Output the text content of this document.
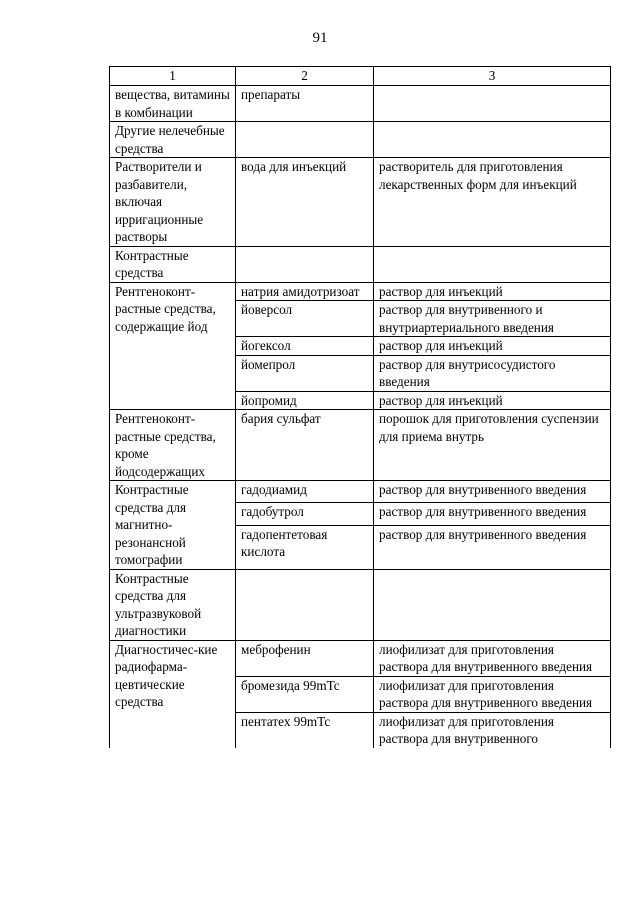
91
1	2	3
вещества, витамины в комбинации	препараты	
Другие нелечебные средства		
Растворители и разбавители, включая ирригационные растворы	вода для инъекций	растворитель для приготовления лекарственных форм для инъекций
Контрастные средства		
Рентгеноконт-растные средства, содержащие йод	натрия амидотризоат	раствор для инъекций
	йоверсол	раствор для внутривенного и внутриартериального введения
	йогексол	раствор для инъекций
	йомепрол	раствор для внутрисосудистого введения
	йопромид	раствор для инъекций
Рентгеноконт-растные средства, кроме йодсодержащих	бария сульфат	порошок для приготовления суспензии для приема внутрь
Контрастные средства для магнитно-резонансной томографии	гадодиамид	раствор для внутривенного введения
	гадобутрол	раствор для внутривенного введения
	гадопентетовая кислота	раствор для внутривенного введения
Контрастные средства для ультразвуковой диагностики		
Диагностичес-кие радиофарма-цевтические средства	меброфенин	лиофилизат для приготовления раствора для внутривенного введения
	бромезида 99mTc	лиофилизат для приготовления раствора для внутривенного введения
	пентатех 99mTc	лиофилизат для приготовления раствора для внутривенного
